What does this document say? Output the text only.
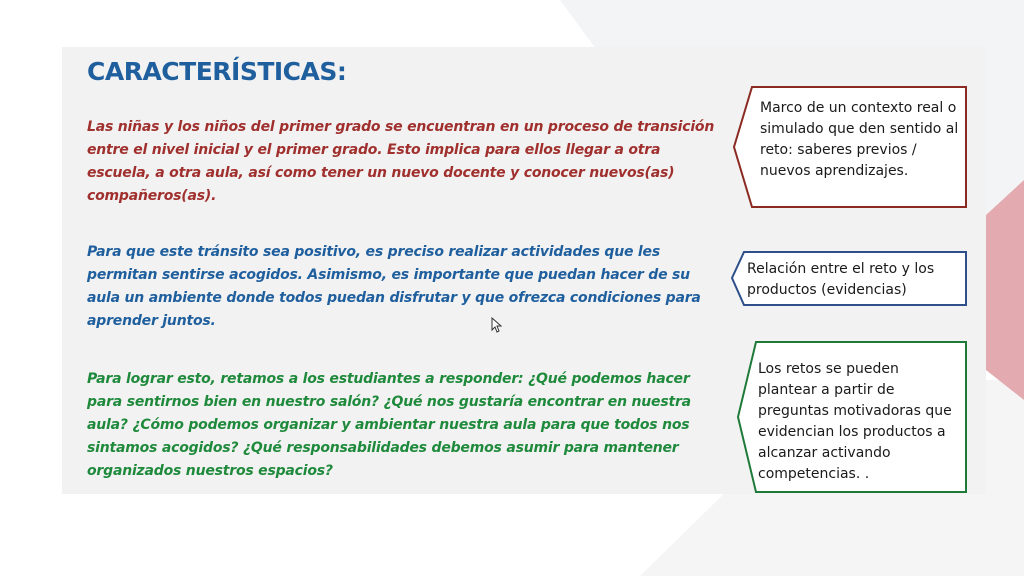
CARACTERÍSTICAS:

Las niñas y los niños del primer grado se encuentran en un proceso de transición entre el nivel inicial y el primer grado. Esto implica para ellos llegar a otra escuela, a otra aula, así como tener un nuevo docente y conocer nuevos(as) compañeros(as).

Para que este tránsito sea positivo, es preciso realizar actividades que les permitan sentirse acogidos. Asimismo, es importante que puedan hacer de su aula un ambiente donde todos puedan disfrutar y que ofrezca condiciones para aprender juntos.

Para lograr esto, retamos a los estudiantes a responder: ¿Qué podemos hacer para sentirnos bien en nuestro salón? ¿Qué nos gustaría encontrar en nuestra aula? ¿Cómo podemos organizar y ambientar nuestra aula para que todos nos sintamos acogidos? ¿Qué responsabilidades debemos asumir para mantener organizados nuestros espacios?

Marco de un contexto real o simulado que den sentido al reto: saberes previos / nuevos aprendizajes.

Relación entre el reto y los productos (evidencias)

Los retos se pueden plantear a partir de preguntas motivadoras que evidencian los productos a alcanzar activando competencias. .
